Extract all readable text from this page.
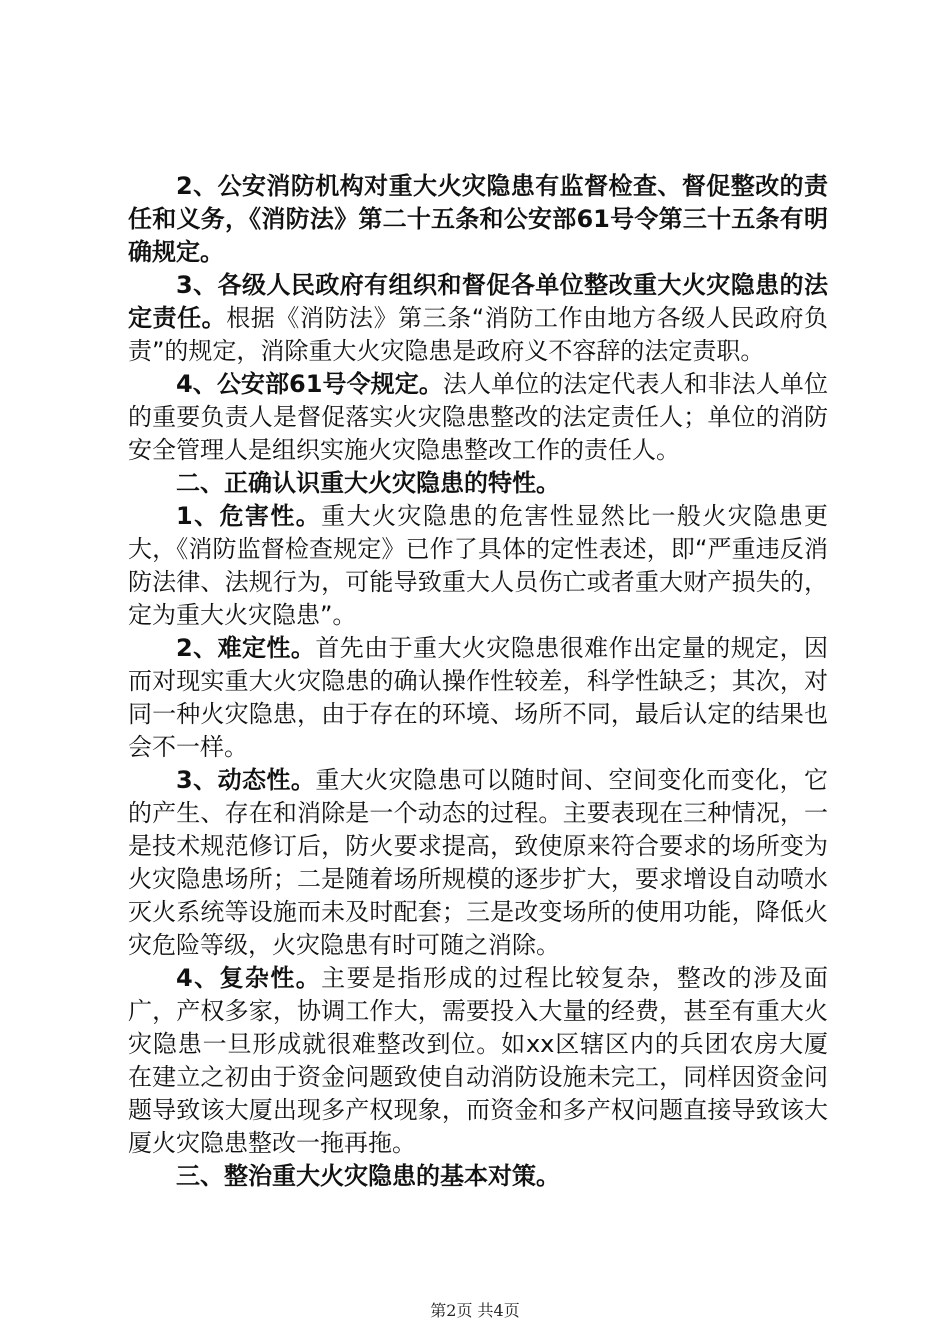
2、公安消防机构对重大火灾隐患有监督检查、督促整改的责任和义务，《消防法》第二十五条和公安部61号令第三十五条有明确规定。

3、各级人民政府有组织和督促各单位整改重大火灾隐患的法定责任。根据《消防法》第三条“消防工作由地方各级人民政府负责”的规定，消除重大火灾隐患是政府义不容辞的法定责职。

4、公安部61号令规定。法人单位的法定代表人和非法人单位的重要负责人是督促落实火灾隐患整改的法定责任人；单位的消防安全管理人是组织实施火灾隐患整改工作的责任人。

二、正确认识重大火灾隐患的特性。

1、危害性。重大火灾隐患的危害性显然比一般火灾隐患更大，《消防监督检查规定》已作了具体的定性表述，即“严重违反消防法律、法规行为，可能导致重大人员伤亡或者重大财产损失的，定为重大火灾隐患”。

2、难定性。首先由于重大火灾隐患很难作出定量的规定，因而对现实重大火灾隐患的确认操作性较差，科学性缺乏；其次，对同一种火灾隐患，由于存在的环境、场所不同，最后认定的结果也会不一样。

3、动态性。重大火灾隐患可以随时间、空间变化而变化，它的产生、存在和消除是一个动态的过程。主要表现在三种情况，一是技术规范修订后，防火要求提高，致使原来符合要求的场所变为火灾隐患场所；二是随着场所规模的逐步扩大，要求增设自动喷水灭火系统等设施而未及时配套；三是改变场所的使用功能，降低火灾危险等级，火灾隐患有时可随之消除。

4、复杂性。主要是指形成的过程比较复杂，整改的涉及面广，产权多家，协调工作大，需要投入大量的经费，甚至有重大火灾隐患一旦形成就很难整改到位。如xx区辖区内的兵团农房大厦在建立之初由于资金问题致使自动消防设施未完工，同样因资金问题导致该大厦出现多产权现象，而资金和多产权问题直接导致该大厦火灾隐患整改一拖再拖。

三、整治重大火灾隐患的基本对策。

第2页 共4页
